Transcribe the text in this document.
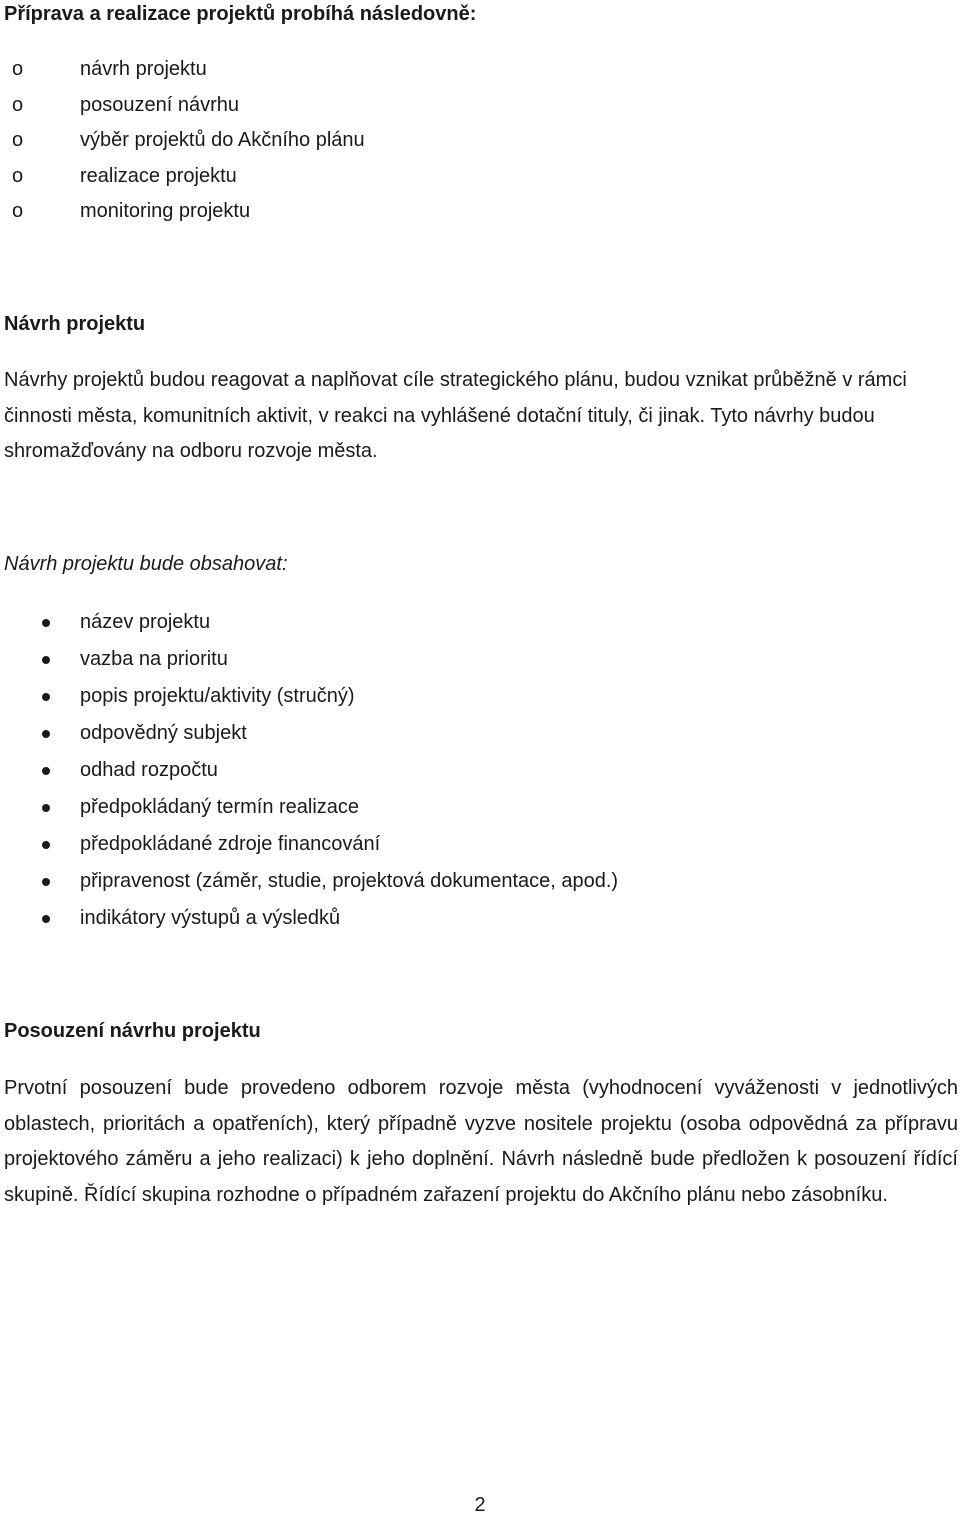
Příprava a realizace projektů probíhá následovně:
o	návrh projektu
o	posouzení návrhu
o	výběr projektů do Akčního plánu
o	realizace projektu
o	monitoring projektu
Návrh projektu

Návrhy projektů budou reagovat a naplňovat cíle strategického plánu, budou vznikat průběžně v rámci činnosti města, komunitních aktivit, v reakci na vyhlášené dotační tituly, či jinak. Tyto návrhy budou shromažďovány na odboru rozvoje města.

Návrh projektu bude obsahovat:

název projektu
vazba na prioritu
popis projektu/aktivity (stručný)
odpovědný subjekt
odhad rozpočtu
předpokládaný termín realizace
předpokládané zdroje financování
připravenost (záměr, studie, projektová dokumentace, apod.)
indikátory výstupů a výsledků
Posouzení návrhu projektu

Prvotní posouzení bude provedeno odborem rozvoje města (vyhodnocení vyváženosti v jednotlivých oblastech, prioritách a opatřeních), který případně vyzve nositele projektu (osoba odpovědná za přípravu projektového záměru a jeho realizaci) k jeho doplnění. Návrh následně bude předložen k posouzení řídící skupině. Řídící skupina rozhodne o případném zařazení projektu do Akčního plánu nebo zásobníku.

2
